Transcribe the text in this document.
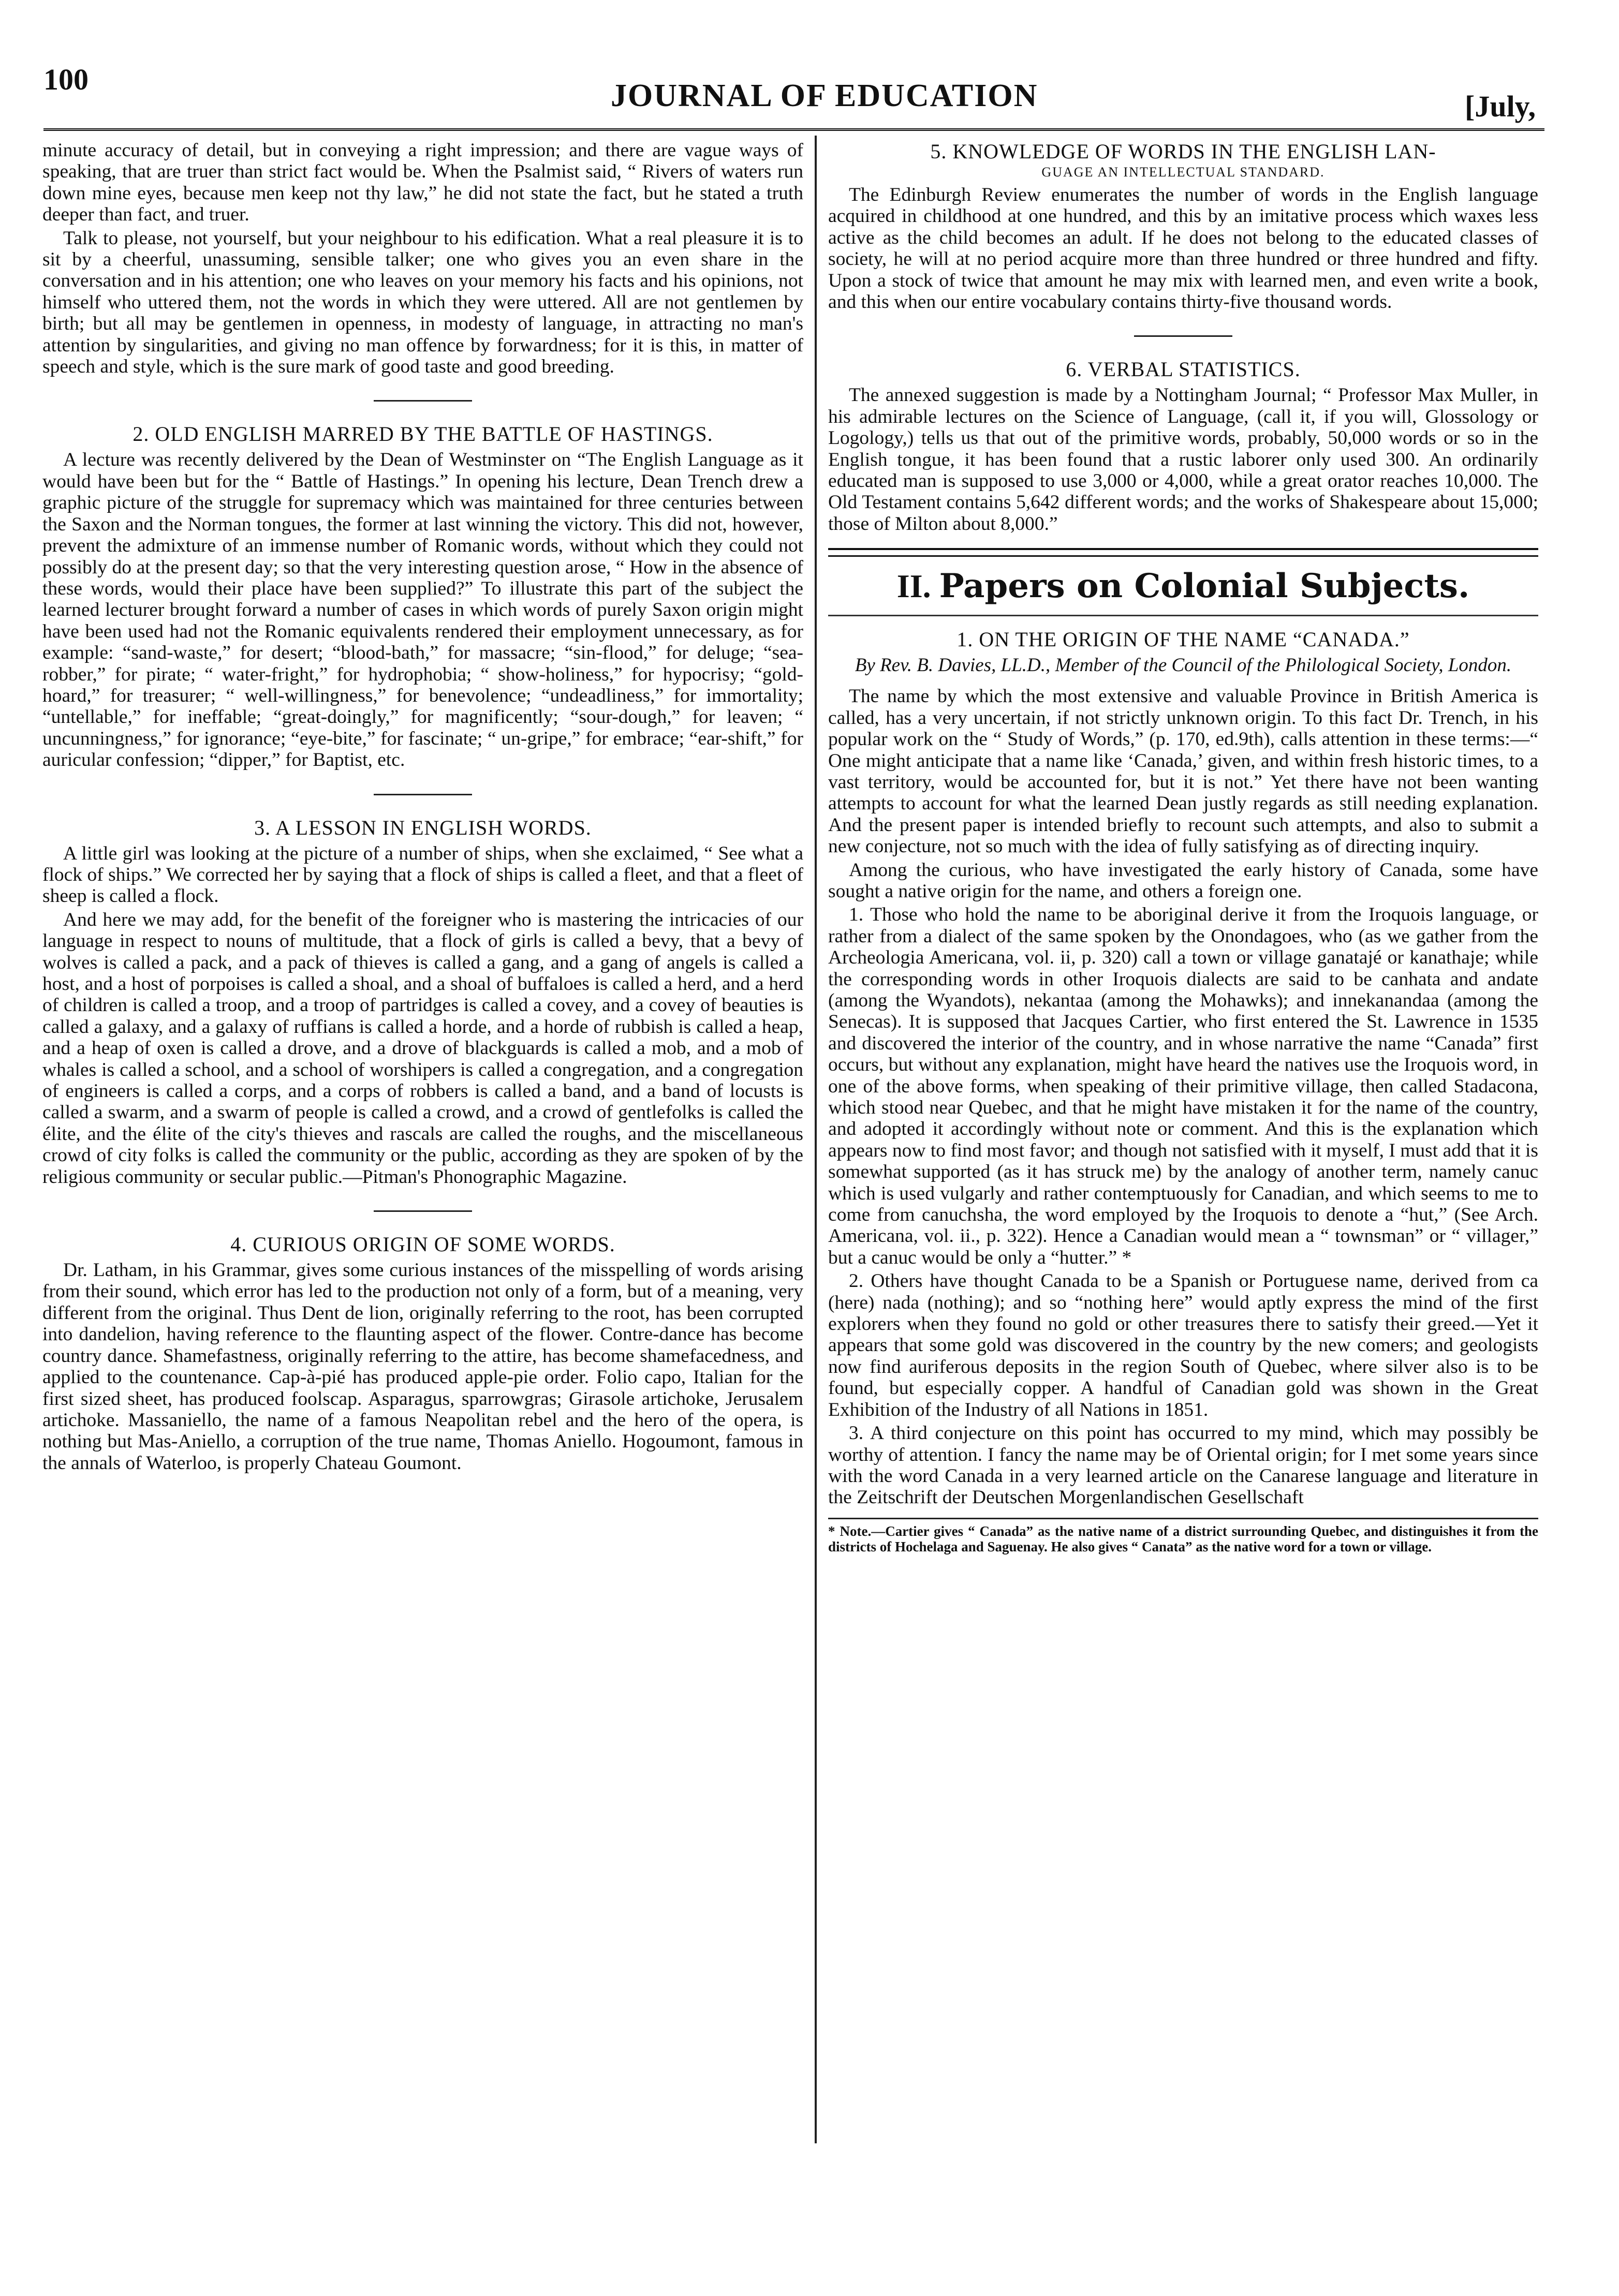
100	JOURNAL OF EDUCATION	[July,

minute accuracy of detail, but in conveying a right impression; and there are vague ways of speaking, that are truer than strict fact would be. When the Psalmist said, “ Rivers of waters run down mine eyes, because men keep not thy law,” he did not state the fact, but he stated a truth deeper than fact, and truer.

Talk to please, not yourself, but your neighbour to his edification. What a real pleasure it is to sit by a cheerful, unassuming, sensible talker; one who gives you an even share in the conversation and in his attention; one who leaves on your memory his facts and his opinions, not himself who uttered them, not the words in which they were uttered. All are not gentlemen by birth; but all may be gentlemen in openness, in modesty of language, in attracting no man's attention by singularities, and giving no man offence by forwardness; for it is this, in matter of speech and style, which is the sure mark of good taste and good breeding.

2. OLD ENGLISH MARRED BY THE BATTLE OF HASTINGS.

A lecture was recently delivered by the Dean of Westminster on “The English Language as it would have been but for the “ Battle of Hastings.” In opening his lecture, Dean Trench drew a graphic picture of the struggle for supremacy which was maintained for three centuries between the Saxon and the Norman tongues, the former at last winning the victory. This did not, however, prevent the admixture of an immense number of Romanic words, without which they could not possibly do at the present day; so that the very interesting question arose, “ How in the absence of these words, would their place have been supplied?” To illustrate this part of the subject the learned lecturer brought forward a number of cases in which words of purely Saxon origin might have been used had not the Romanic equivalents rendered their employment unnecessary, as for example: “sand-waste,” for desert; “blood-bath,” for massacre; “sin-flood,” for deluge; “sea-robber,” for pirate; “ water-fright,” for hydrophobia; “ show-holiness,” for hypocrisy; “gold-hoard,” for treasurer; “ well-willingness,” for benevolence; “undeadliness,” for immortality; “untellable,” for ineffable; “great-doingly,” for magnificently; “sour-dough,” for leaven; “ uncunningness,” for ignorance; “eye-bite,” for fascinate; “ un-gripe,” for embrace; “ear-shift,” for auricular confession; “dipper,” for Baptist, etc.

3. A LESSON IN ENGLISH WORDS.

A little girl was looking at the picture of a number of ships, when she exclaimed, “ See what a flock of ships.” We corrected her by saying that a flock of ships is called a fleet, and that a fleet of sheep is called a flock.

And here we may add, for the benefit of the foreigner who is mastering the intricacies of our language in respect to nouns of multitude, that a flock of girls is called a bevy, that a bevy of wolves is called a pack, and a pack of thieves is called a gang, and a gang of angels is called a host, and a host of porpoises is called a shoal, and a shoal of buffaloes is called a herd, and a herd of children is called a troop, and a troop of partridges is called a covey, and a covey of beauties is called a galaxy, and a galaxy of ruffians is called a horde, and a horde of rubbish is called a heap, and a heap of oxen is called a drove, and a drove of blackguards is called a mob, and a mob of whales is called a school, and a school of worshipers is called a congregation, and a congregation of engineers is called a corps, and a corps of robbers is called a band, and a band of locusts is called a swarm, and a swarm of people is called a crowd, and a crowd of gentlefolks is called the élite, and the élite of the city's thieves and rascals are called the roughs, and the miscellaneous crowd of city folks is called the community or the public, according as they are spoken of by the religious community or secular public.—Pitman's Phonographic Magazine.

4. CURIOUS ORIGIN OF SOME WORDS.

Dr. Latham, in his Grammar, gives some curious instances of the misspelling of words arising from their sound, which error has led to the production not only of a form, but of a meaning, very different from the original. Thus Dent de lion, originally referring to the root, has been corrupted into dandelion, having reference to the flaunting aspect of the flower. Contre-dance has become country dance. Shamefastness, originally referring to the attire, has become shamefacedness, and applied to the countenance. Cap-à-pié has produced apple-pie order. Folio capo, Italian for the first sized sheet, has produced foolscap. Asparagus, sparrowgras; Girasole artichoke, Jerusalem artichoke. Massaniello, the name of a famous Neapolitan rebel and the hero of the opera, is nothing but Mas-Aniello, a corruption of the true name, Thomas Aniello. Hogoumont, famous in the annals of Waterloo, is properly Chateau Goumont.

5. KNOWLEDGE OF WORDS IN THE ENGLISH LAN-
GUAGE AN INTELLECTUAL STANDARD.

The Edinburgh Review enumerates the number of words in the English language acquired in childhood at one hundred, and this by an imitative process which waxes less active as the child becomes an adult. If he does not belong to the educated classes of society, he will at no period acquire more than three hundred or three hundred and fifty. Upon a stock of twice that amount he may mix with learned men, and even write a book, and this when our entire vocabulary contains thirty-five thousand words.

6. VERBAL STATISTICS.

The annexed suggestion is made by a Nottingham Journal; “ Professor Max Muller, in his admirable lectures on the Science of Language, (call it, if you will, Glossology or Logology,) tells us that out of the primitive words, probably, 50,000 words or so in the English tongue, it has been found that a rustic laborer only used 300. An ordinarily educated man is supposed to use 3,000 or 4,000, while a great orator reaches 10,000. The Old Testament contains 5,642 different words; and the works of Shakespeare about 15,000; those of Milton about 8,000.”

II. Papers on Colonial Subjects.
1. ON THE ORIGIN OF THE NAME “CANADA.”
By Rev. B. Davies, LL.D., Member of the Council of the Philological Society, London.

The name by which the most extensive and valuable Province in British America is called, has a very uncertain, if not strictly unknown origin. To this fact Dr. Trench, in his popular work on the “ Study of Words,” (p. 170, ed.9th), calls attention in these terms:—“ One might anticipate that a name like ‘Canada,’ given, and within fresh historic times, to a vast territory, would be accounted for, but it is not.” Yet there have not been wanting attempts to account for what the learned Dean justly regards as still needing explanation. And the present paper is intended briefly to recount such attempts, and also to submit a new conjecture, not so much with the idea of fully satisfying as of directing inquiry.

Among the curious, who have investigated the early history of Canada, some have sought a native origin for the name, and others a foreign one.

1. Those who hold the name to be aboriginal derive it from the Iroquois language, or rather from a dialect of the same spoken by the Onondagoes, who (as we gather from the Archeologia Americana, vol. ii, p. 320) call a town or village ganatajé or kanathaje; while the corresponding words in other Iroquois dialects are said to be canhata and andate (among the Wyandots), nekantaa (among the Mohawks); and innekanandaa (among the Senecas). It is supposed that Jacques Cartier, who first entered the St. Lawrence in 1535 and discovered the interior of the country, and in whose narrative the name “Canada” first occurs, but without any explanation, might have heard the natives use the Iroquois word, in one of the above forms, when speaking of their primitive village, then called Stadacona, which stood near Quebec, and that he might have mistaken it for the name of the country, and adopted it accordingly without note or comment. And this is the explanation which appears now to find most favor; and though not satisfied with it myself, I must add that it is somewhat supported (as it has struck me) by the analogy of another term, namely canuc which is used vulgarly and rather contemptuously for Canadian, and which seems to me to come from canuchsha, the word employed by the Iroquois to denote a “hut,” (See Arch. Americana, vol. ii., p. 322). Hence a Canadian would mean a “ townsman” or “ villager,” but a canuc would be only a “hutter.” *

2. Others have thought Canada to be a Spanish or Portuguese name, derived from ca (here) nada (nothing); and so “nothing here” would aptly express the mind of the first explorers when they found no gold or other treasures there to satisfy their greed.—Yet it appears that some gold was discovered in the country by the new comers; and geologists now find auriferous deposits in the region South of Quebec, where silver also is to be found, but especially copper. A handful of Canadian gold was shown in the Great Exhibition of the Industry of all Nations in 1851.

3. A third conjecture on this point has occurred to my mind, which may possibly be worthy of attention. I fancy the name may be of Oriental origin; for I met some years since with the word Canada in a very learned article on the Canarese language and literature in the Zeitschrift der Deutschen Morgenlandischen Gesellschaft

* Note.—Cartier gives “ Canada” as the native name of a district surrounding Quebec, and distinguishes it from the districts of Hochelaga and Saguenay. He also gives “ Canata” as the native word for a town or village.
